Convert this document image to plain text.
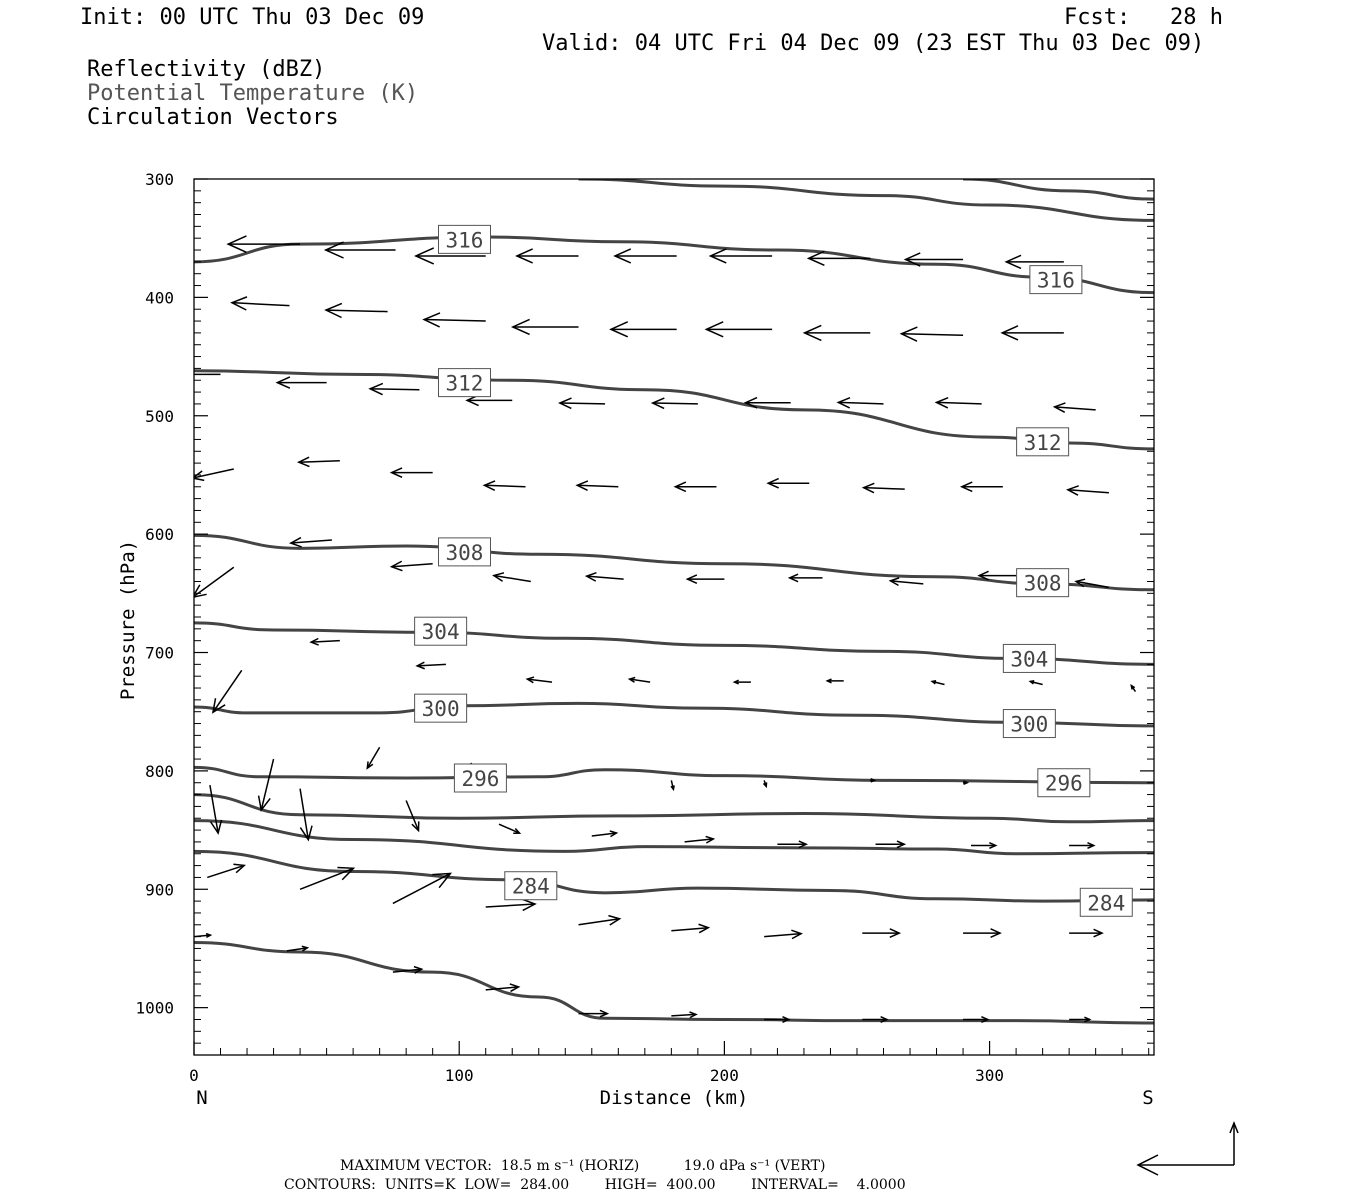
Init: 00 UTC Thu 03 Dec 09	Fcst:   28 h
Valid: 04 UTC Fri 04 Dec 09 (23 EST Thu 03 Dec 09)
Reflectivity (dBZ)
Potential Temperature (K)
Circulation Vectors
316
316
312
312
308
308
304
304
300
300
296	296
284
284
0	100	200	300
300
400
500
600
700
800
900
1000
Distance (km)
Pressure (hPa)
N	S
MAXIMUM VECTOR:  18.5 m s⁻¹ (HORIZ)          19.0 dPa s⁻¹ (VERT)
CONTOURS:  UNITS=K  LOW=  284.00        HIGH=  400.00        INTERVAL=    4.0000
